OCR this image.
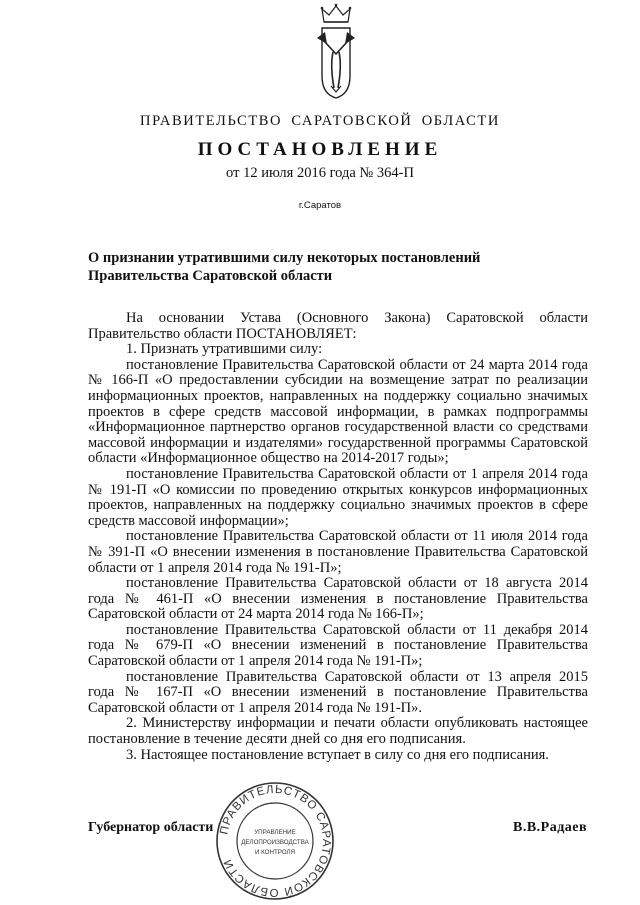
ПРАВИТЕЛЬСТВО САРАТОВСКОЙ ОБЛАСТИ
ПОСТАНОВЛЕНИЕ
от 12 июля 2016 года № 364-П
г.Саратов
О признании утратившими силу некоторых постановлений
Правительства Саратовской области

На основании Устава (Основного Закона) Саратовской области Правительство области ПОСТАНОВЛЯЕТ:

1. Признать утратившими силу:

постановление Правительства Саратовской области от 24 марта 2014 года № 166-П «О предоставлении субсидии на возмещение затрат по реализации информационных проектов, направленных на поддержку социально значимых проектов в сфере средств массовой информации, в рамках подпрограммы «Информационное партнерство органов государственной власти со средствами массовой информации и издателями» государственной программы Саратовской области «Информационное общество на 2014-2017 годы»;

постановление Правительства Саратовской области от 1 апреля 2014 года № 191-П «О комиссии по проведению открытых конкурсов информационных проектов, направленных на поддержку социально значимых проектов в сфере средств массовой информации»;

постановление Правительства Саратовской области от 11 июля 2014 года № 391-П «О внесении изменения в постановление Правительства Саратовской области от 1 апреля 2014 года № 191-П»;

постановление Правительства Саратовской области от 18 августа 2014 года № 461-П «О внесении изменения в постановление Правительства Саратовской области от 24 марта 2014 года № 166-П»;

постановление Правительства Саратовской области от 11 декабря 2014 года № 679-П «О внесении изменений в постановление Правительства Саратовской области от 1 апреля 2014 года № 191-П»;

постановление Правительства Саратовской области от 13 апреля 2015 года № 167-П «О внесении изменений в постановление Правительства Саратовской области от 1 апреля 2014 года № 191-П».

2. Министерству информации и печати области опубликовать настоящее постановление в течение десяти дней со дня его подписания.

3. Настоящее постановление вступает в силу со дня его подписания.

Губернатор области	В.В.Радаев
ПРАВИТЕЛЬСТВО САРАТОВСКОЙ ОБЛАСТИ
УПРАВЛЕНИЕ
ДЕЛОПРОИЗВОДСТВА
И КОНТРОЛЯ
